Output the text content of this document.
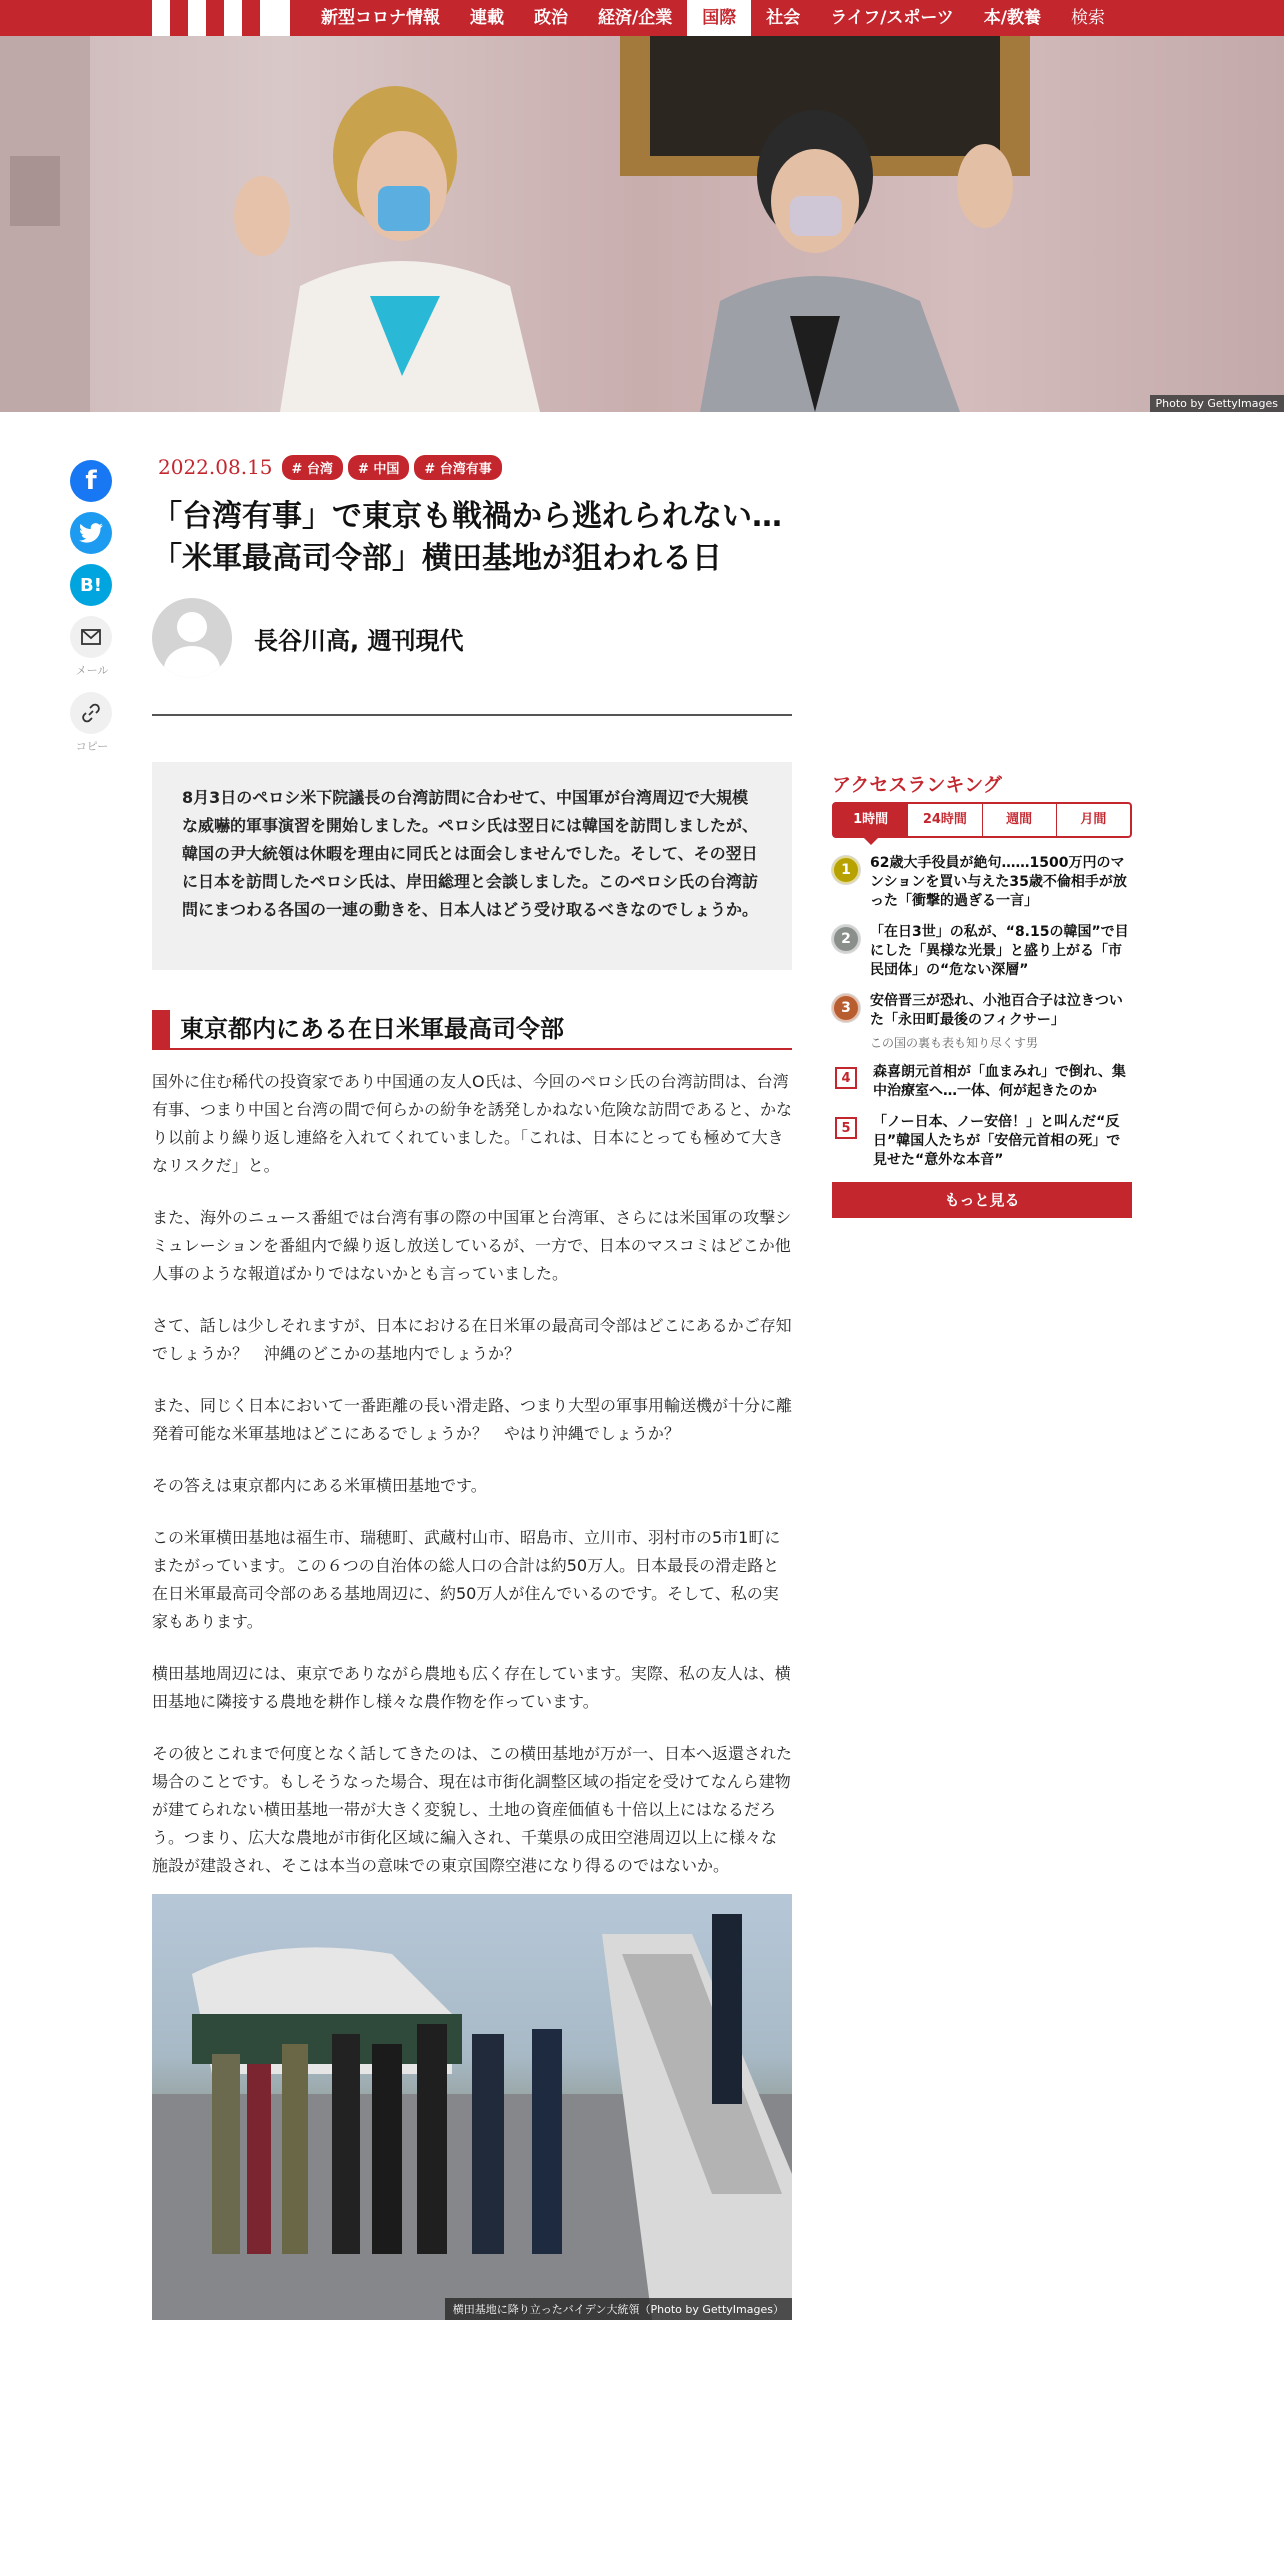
新型コロナ情報	連載	政治	経済/企業	国際	社会	ライフ/スポーツ	本/教養	検索
Photo by GettyImages
f
B!
メール
コピー
2022.08.15	# 台湾	# 中国	# 台湾有事
「台湾有事」で東京も戦禍から逃れられない…
「米軍最高司令部」横田基地が狙われる日
長谷川高, 週刊現代
8月3日のペロシ米下院議長の台湾訪問に合わせて、中国軍が台湾周辺で大規模な威嚇的軍事演習を開始しました。ペロシ氏は翌日には韓国を訪問しましたが、韓国の尹大統領は休暇を理由に同氏とは面会しませんでした。そして、その翌日に日本を訪問したペロシ氏は、岸田総理と会談しました。このペロシ氏の台湾訪問にまつわる各国の一連の動きを、日本人はどう受け取るべきなのでしょうか。
東京都内にある在日米軍最高司令部

国外に住む稀代の投資家であり中国通の友人O氏は、今回のペロシ氏の台湾訪問は、台湾有事、つまり中国と台湾の間で何らかの紛争を誘発しかねない危険な訪問であると、かなり以前より繰り返し連絡を入れてくれていました。「これは、日本にとっても極めて大きなリスクだ」と。

また、海外のニュース番組では台湾有事の際の中国軍と台湾軍、さらには米国軍の攻撃シミュレーションを番組内で繰り返し放送しているが、一方で、日本のマスコミはどこか他人事のような報道ばかりではないかとも言っていました。

さて、話しは少しそれますが、日本における在日米軍の最高司令部はどこにあるかご存知でしょうか？　沖縄のどこかの基地内でしょうか？

また、同じく日本において一番距離の長い滑走路、つまり大型の軍事用輸送機が十分に離発着可能な米軍基地はどこにあるでしょうか？　やはり沖縄でしょうか？

その答えは東京都内にある米軍横田基地です。

この米軍横田基地は福生市、瑞穂町、武蔵村山市、昭島市、立川市、羽村市の5市1町にまたがっています。この６つの自治体の総人口の合計は約50万人。日本最長の滑走路と在日米軍最高司令部のある基地周辺に、約50万人が住んでいるのです。そして、私の実家もあります。

横田基地周辺には、東京でありながら農地も広く存在しています。実際、私の友人は、横田基地に隣接する農地を耕作し様々な農作物を作っています。

その彼とこれまで何度となく話してきたのは、この横田基地が万が一、日本へ返還された場合のことです。もしそうなった場合、現在は市街化調整区域の指定を受けてなんら建物が建てられない横田基地一帯が大きく変貌し、土地の資産価値も十倍以上にはなるだろう。つまり、広大な農地が市街化区域に編入され、千葉県の成田空港周辺以上に様々な施設が建設され、そこは本当の意味での東京国際空港になり得るのではないか。

横田基地に降り立ったバイデン大統領（Photo by GettyImages）
アクセスランキング
1時間	24時間	週間	月間
1	62歳大手役員が絶句……1500万円のマンションを買い与えた35歳不倫相手が放った「衝撃的過ぎる一言」
2	「在日3世」の私が、“8.15の韓国”で目にした「異様な光景」と盛り上がる「市民団体」の“危ない深層”
3	安倍晋三が恐れ、小池百合子は泣きついた「永田町最後のフィクサー」
この国の裏も表も知り尽くす男
4	森喜朗元首相が「血まみれ」で倒れ、集中治療室へ…一体、何が起きたのか
5	「ノー日本、ノー安倍！」と叫んだ“反日”韓国人たちが「安倍元首相の死」で見せた“意外な本音”
もっと見る
